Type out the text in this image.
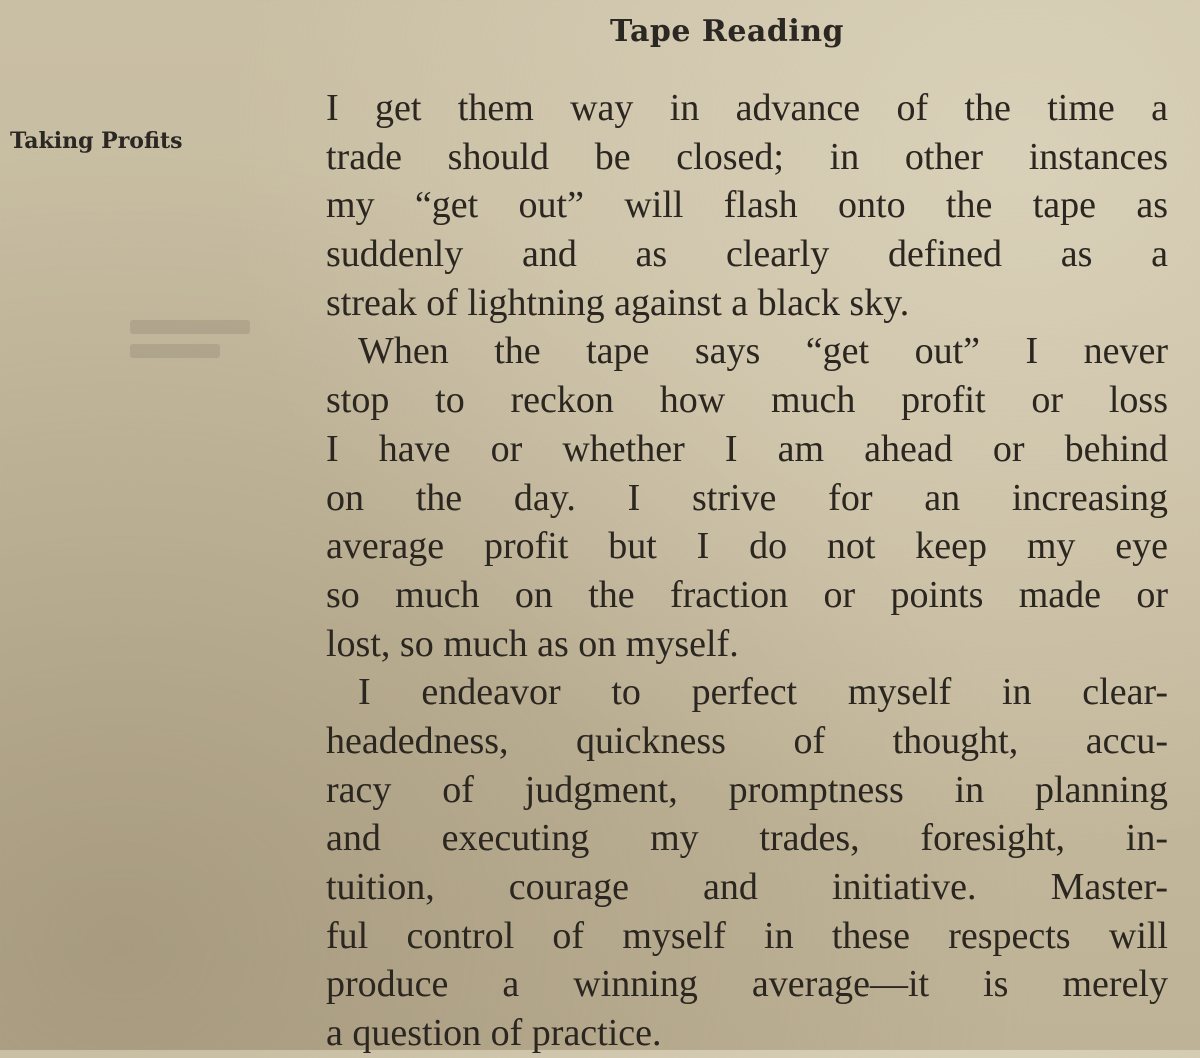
Tape Reading
Taking Profits
I get them way in advance of the time a
trade should be closed; in other instances
my “get out” will flash onto the tape as
suddenly and as clearly defined as a
streak of lightning against a black sky.
When the tape says “get out” I never
stop to reckon how much profit or loss
I have or whether I am ahead or behind
on the day. I strive for an increasing
average profit but I do not keep my eye
so much on the fraction or points made or
lost, so much as on myself.
I endeavor to perfect myself in clear-
headedness, quickness of thought, accu-
racy of judgment, promptness in planning
and executing my trades, foresight, in-
tuition, courage and initiative. Master-
ful control of myself in these respects will
produce a winning average—it is merely
a question of practice.
